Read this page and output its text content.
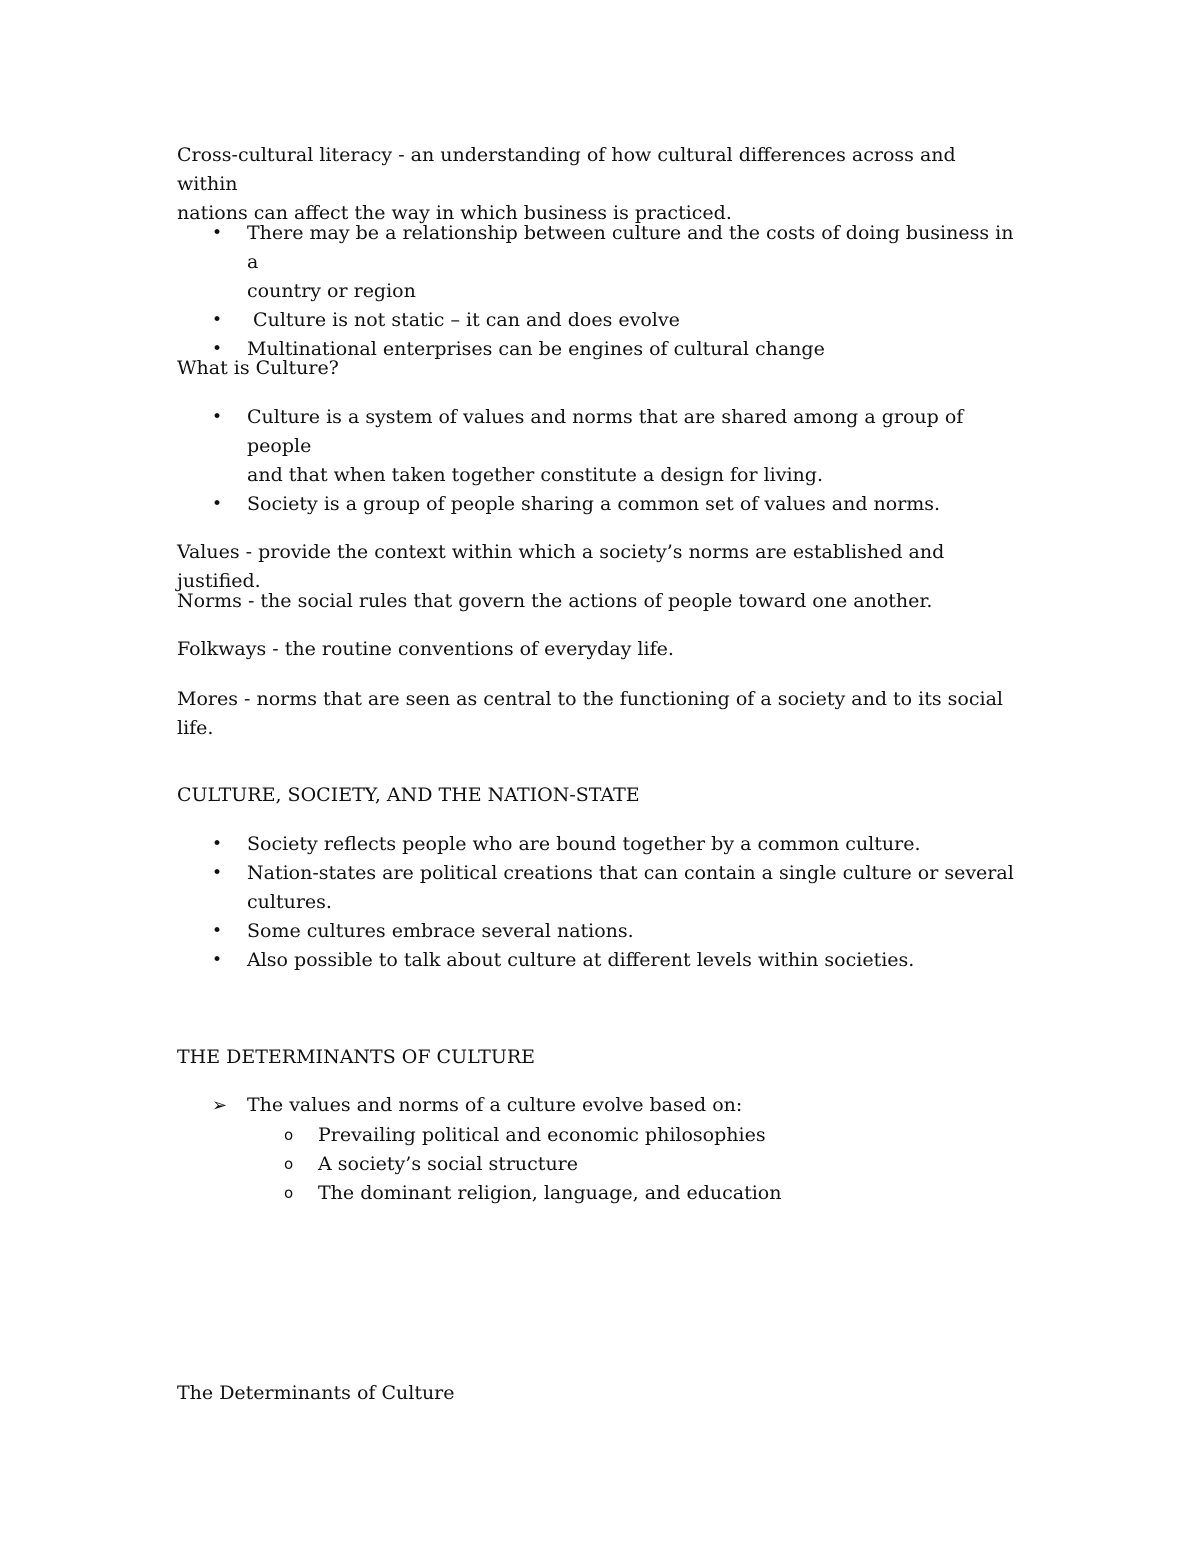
Cross-cultural literacy - an understanding of how cultural differences across and within
nations can affect the way in which business is practiced.

•	There may be a relationship between culture and the costs of doing business in a
country or region
•	Culture is not static – it can and does evolve
•	Multinational enterprises can be engines of cultural change

What is Culture?

•	Culture is a system of values and norms that are shared among a group of people
and that when taken together constitute a design for living.
•	Society is a group of people sharing a common set of values and norms.

Values - provide the context within which a society’s norms are established and justified.

Norms - the social rules that govern the actions of people toward one another.

Folkways - the routine conventions of everyday life.

Mores - norms that are seen as central to the functioning of a society and to its social life.

CULTURE, SOCIETY, AND THE NATION-STATE

•	Society reflects people who are bound together by a common culture.
•	Nation-states are political creations that can contain a single culture or several
cultures.
•	Some cultures embrace several nations.
•	Also possible to talk about culture at different levels within societies.

THE DETERMINANTS OF CULTURE

➢	The values and norms of a culture evolve based on:
o Prevailing political and economic philosophies
o A society’s social structure
o The dominant religion, language, and education

The Determinants of Culture
